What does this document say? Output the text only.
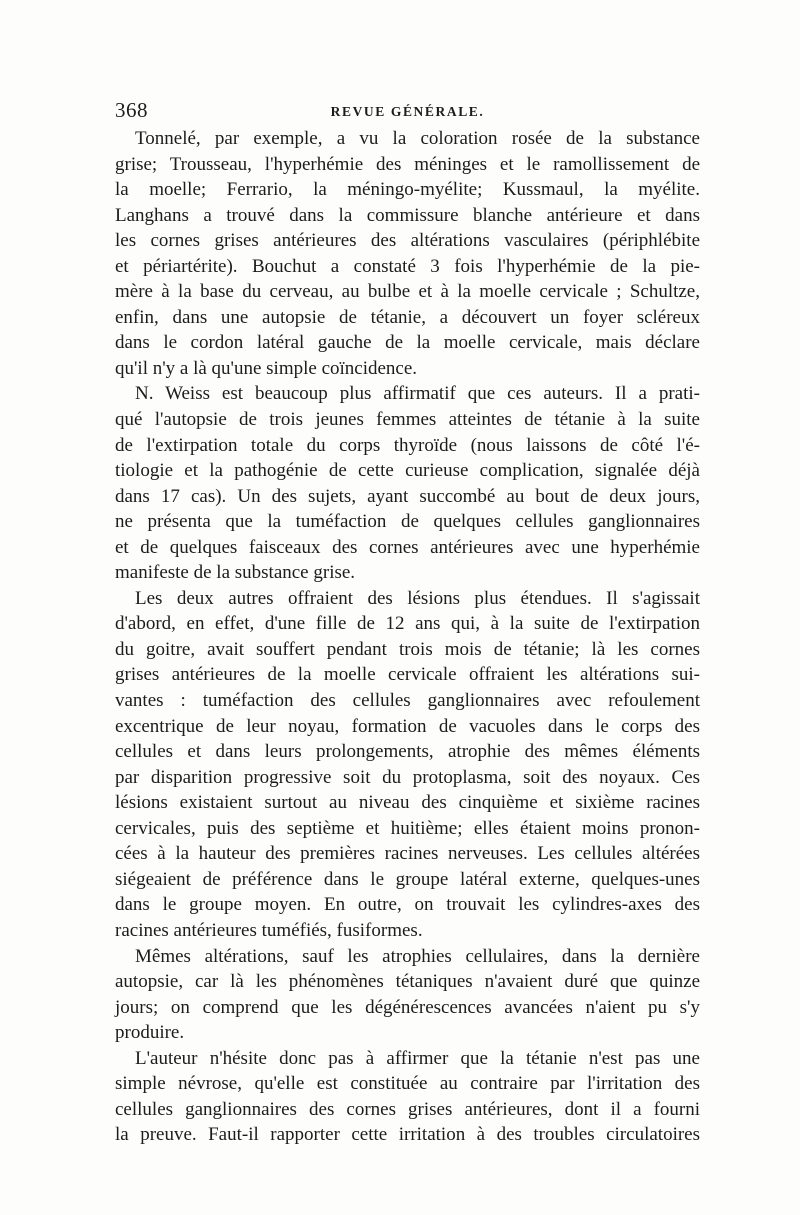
368	REVUE GÉNÉRALE.
Tonnelé, par exemple, a vu la coloration rosée de la substance
grise; Trousseau, l'hyperhémie des méninges et le ramollissement de
la moelle; Ferrario, la méningo-myélite; Kussmaul, la myélite.
Langhans a trouvé dans la commissure blanche antérieure et dans
les cornes grises antérieures des altérations vasculaires (périphlébite
et périartérite). Bouchut a constaté 3 fois l'hyperhémie de la pie-
mère à la base du cerveau, au bulbe et à la moelle cervicale ; Schultze,
enfin, dans une autopsie de tétanie, a découvert un foyer scléreux
dans le cordon latéral gauche de la moelle cervicale, mais déclare
qu'il n'y a là qu'une simple coïncidence.
N. Weiss est beaucoup plus affirmatif que ces auteurs. Il a prati-
qué l'autopsie de trois jeunes femmes atteintes de tétanie à la suite
de l'extirpation totale du corps thyroïde (nous laissons de côté l'é-
tiologie et la pathogénie de cette curieuse complication, signalée déjà
dans 17 cas). Un des sujets, ayant succombé au bout de deux jours,
ne présenta que la tuméfaction de quelques cellules ganglionnaires
et de quelques faisceaux des cornes antérieures avec une hyperhémie
manifeste de la substance grise.
Les deux autres offraient des lésions plus étendues. Il s'agissait
d'abord, en effet, d'une fille de 12 ans qui, à la suite de l'extirpation
du goitre, avait souffert pendant trois mois de tétanie; là les cornes
grises antérieures de la moelle cervicale offraient les altérations sui-
vantes : tuméfaction des cellules ganglionnaires avec refoulement
excentrique de leur noyau, formation de vacuoles dans le corps des
cellules et dans leurs prolongements, atrophie des mêmes éléments
par disparition progressive soit du protoplasma, soit des noyaux. Ces
lésions existaient surtout au niveau des cinquième et sixième racines
cervicales, puis des septième et huitième; elles étaient moins pronon-
cées à la hauteur des premières racines nerveuses. Les cellules altérées
siégeaient de préférence dans le groupe latéral externe, quelques-unes
dans le groupe moyen. En outre, on trouvait les cylindres-axes des
racines antérieures tuméfiés, fusiformes.
Mêmes altérations, sauf les atrophies cellulaires, dans la dernière
autopsie, car là les phénomènes tétaniques n'avaient duré que quinze
jours; on comprend que les dégénérescences avancées n'aient pu s'y
produire.
L'auteur n'hésite donc pas à affirmer que la tétanie n'est pas une
simple névrose, qu'elle est constituée au contraire par l'irritation des
cellules ganglionnaires des cornes grises antérieures, dont il a fourni
la preuve. Faut-il rapporter cette irritation à des troubles circulatoires
